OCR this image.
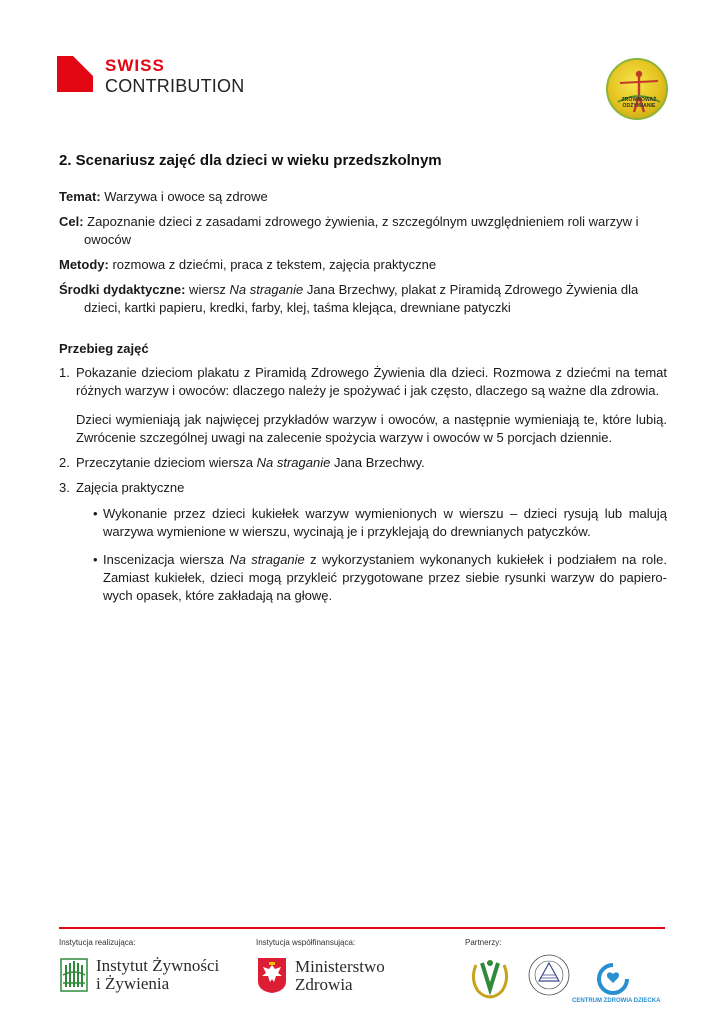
SWISS
CONTRIBUTION
ZRÓWNOWAŻ ODŻYWIANIE
2. Scenariusz zajęć dla dzieci w wieku przedszkolnym

Temat: Warzywa i owoce są zdrowe

Cel: Zapoznanie dzieci z zasadami zdrowego żywienia, z szczególnym uwzględnieniem roli warzyw i owoców

Metody: rozmowa z dziećmi, praca z tekstem, zajęcia praktyczne

Środki dydaktyczne: wiersz Na straganie Jana Brzechwy, plakat z Piramidą Zdrowego Żywienia dla dzieci, kartki papieru, kredki, farby, klej, taśma klejąca, drewniane patyczki

Przebieg zajęć

1. Pokazanie dzieciom plakatu z Piramidą Zdrowego Żywienia dla dzieci. Rozmowa z dziećmi na temat różnych warzyw i owoców: dlaczego należy je spożywać i jak często, dlaczego są ważne dla zdrowia.

Dzieci wymieniają jak najwięcej przykładów warzyw i owoców, a następnie wymieniają te, które lubią. Zwrócenie szczególnej uwagi na zalecenie spożycia warzyw i owoców w 5 porcjach dziennie.

2. Przeczytanie dzieciom wiersza Na straganie Jana Brzechwy.

3. Zajęcia praktyczne

• Wykonanie przez dzieci kukiełek warzyw wymienionych w wierszu – dzieci rysują lub malują warzywa wymienione w wierszu, wycinają je i przyklejają do drewnianych patyczków.

• Inscenizacja wiersza Na straganie z wykorzystaniem wykonanych kukiełek i podziałem na role. Zamiast kukiełek, dzieci mogą przykleić przygotowane przez siebie rysunki warzyw do papiero-wych opasek, które zakładają na głowę.

Instytucja realizująca:	Instytucja współfinansująca:	Partnerzy:
Instytut Żywności
i Żywienia
Ministerstwo
Zdrowia
CENTRUM ZDROWIA DZIECKA
